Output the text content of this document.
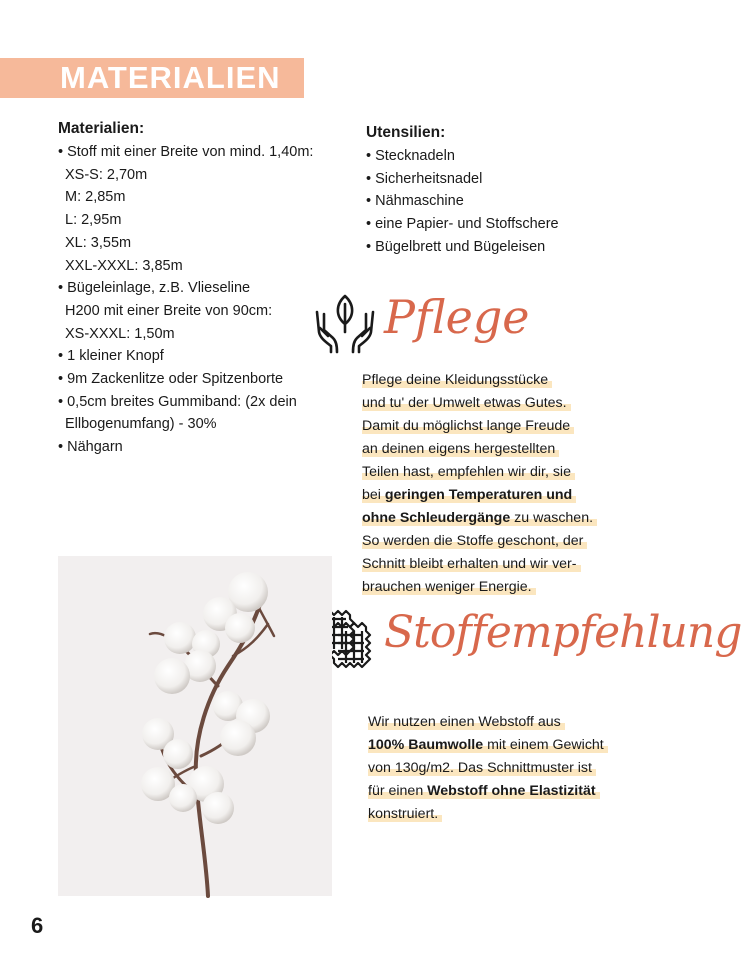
MATERIALIEN
Materialien:
• Stoff mit einer Breite von mind. 1,40m:
XS-S: 2,70m
M: 2,85m
L: 2,95m
XL: 3,55m
XXL-XXXL: 3,85m
• Bügeleinlage, z.B. Vlieseline
H200 mit einer Breite von 90cm:
XS-XXXL: 1,50m
• 1 kleiner Knopf
• 9m Zackenlitze oder Spitzenborte
• 0,5cm breites Gummiband: (2x dein
Ellbogenumfang) - 30%
• Nähgarn
Utensilien:
• Stecknadeln
• Sicherheitsnadel
• Nähmaschine
• eine Papier- und Stoffschere
• Bügelbrett und Bügeleisen
Pflege
Pflege deine Kleidungsstücke
und tu' der Umwelt etwas Gutes.
Damit du möglichst lange Freude
an deinen eigens hergestellten
Teilen hast, empfehlen wir dir, sie
bei geringen Temperaturen und
ohne Schleudergänge zu waschen.
So werden die Stoffe geschont, der
Schnitt bleibt erhalten und wir ver-
brauchen weniger Energie.
Stoffempfehlung
Wir nutzen einen Webstoff aus
100% Baumwolle mit einem Gewicht
von 130g/m2. Das Schnittmuster ist
für einen Webstoff ohne Elastizität
konstruiert.
6
